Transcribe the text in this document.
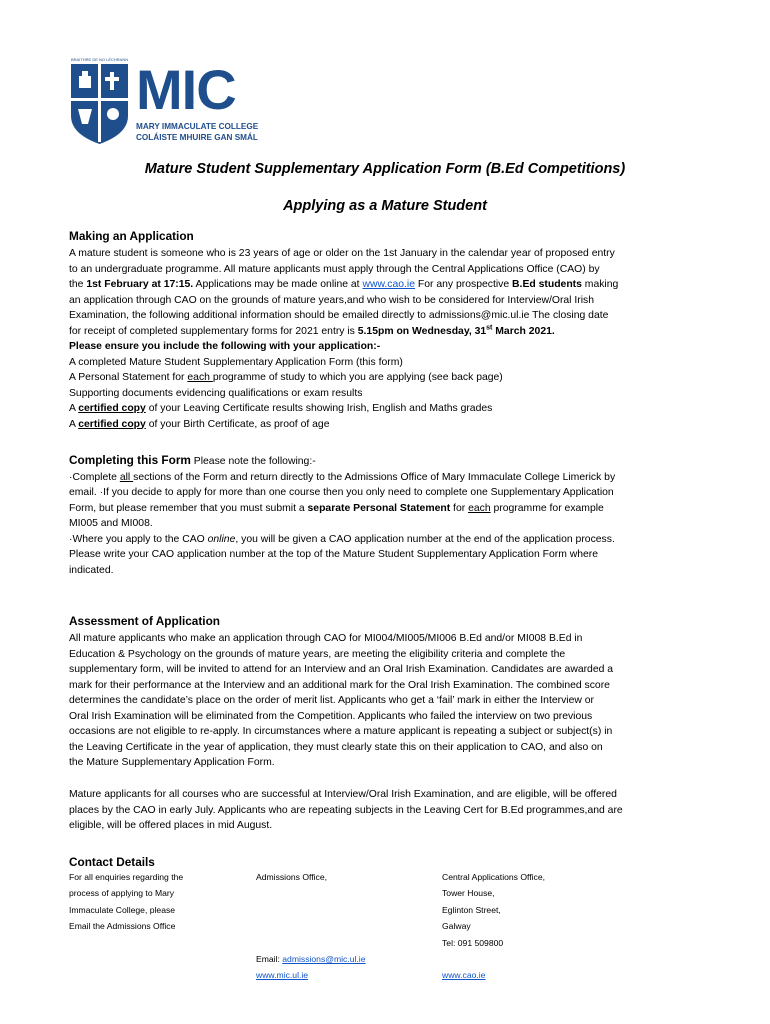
BRAITHRE DE NO LÉCHRANN MIC
MARY IMMACULATE COLLEGE
COLÁISTE MHUIRE GAN SMÁL
Mature Student Supplementary Application Form (B.Ed Competitions)
Applying as a Mature Student
Making an Application
A mature student is someone who is 23 years of age or older on the 1st January in the calendar year of proposed entry
to an undergraduate programme. All mature applicants must apply through the Central Applications Office (CAO) by
the 1st February at 17:15. Applications may be made online at www.cao.ie For any prospective B.Ed students making
an application through CAO on the grounds of mature years,and who wish to be considered for Interview/Oral Irish
Examination, the following additional information should be emailed directly to admissions@mic.ul.ie The closing date
for receipt of completed supplementary forms for 2021 entry is 5.15pm on Wednesday, 31st March 2021.
Please ensure you include the following with your application:-
A completed Mature Student Supplementary Application Form (this form)
A Personal Statement for each programme of study to which you are applying (see back page)
Supporting documents evidencing qualifications or exam results
A certified copy of your Leaving Certificate results showing Irish, English and Maths grades
A certified copy of your Birth Certificate, as proof of age
Completing this Form Please note the following:-
·Complete all sections of the Form and return directly to the Admissions Office of Mary Immaculate College Limerick by
email. ·If you decide to apply for more than one course then you only need to complete one Supplementary Application
Form, but please remember that you must submit a separate Personal Statement for each programme for example
MI005 and MI008.
·Where you apply to the CAO online, you will be given a CAO application number at the end of the application process.
Please write your CAO application number at the top of the Mature Student Supplementary Application Form where
indicated.
Assessment of Application
All mature applicants who make an application through CAO for MI004/MI005/MI006 B.Ed and/or MI008 B.Ed in
Education & Psychology on the grounds of mature years, are meeting the eligibility criteria and complete the
supplementary form, will be invited to attend for an Interview and an Oral Irish Examination. Candidates are awarded a
mark for their performance at the Interview and an additional mark for the Oral Irish Examination. The combined score
determines the candidate’s place on the order of merit list. Applicants who get a ‘fail’ mark in either the Interview or
Oral Irish Examination will be eliminated from the Competition. Applicants who failed the interview on two previous
occasions are not eligible to re-apply. In circumstances where a mature applicant is repeating a subject or subject(s) in
the Leaving Certificate in the year of application, they must clearly state this on their application to CAO, and also on
the Mature Supplementary Application Form.
Mature applicants for all courses who are successful at Interview/Oral Irish Examination, and are eligible, will be offered
places by the CAO in early July. Applicants who are repeating subjects in the Leaving Cert for B.Ed programmes,and are
eligible, will be offered places in mid August.
Contact Details
For all enquiries regarding the
process of applying to Mary
Immaculate College, please
Email the Admissions Office
Admissions Office,
Email: admissions@mic.ul.ie
www.mic.ul.ie
Central Applications Office,
Tower House,
Eglinton Street,
Galway
Tel: 091 509800
www.cao.ie
